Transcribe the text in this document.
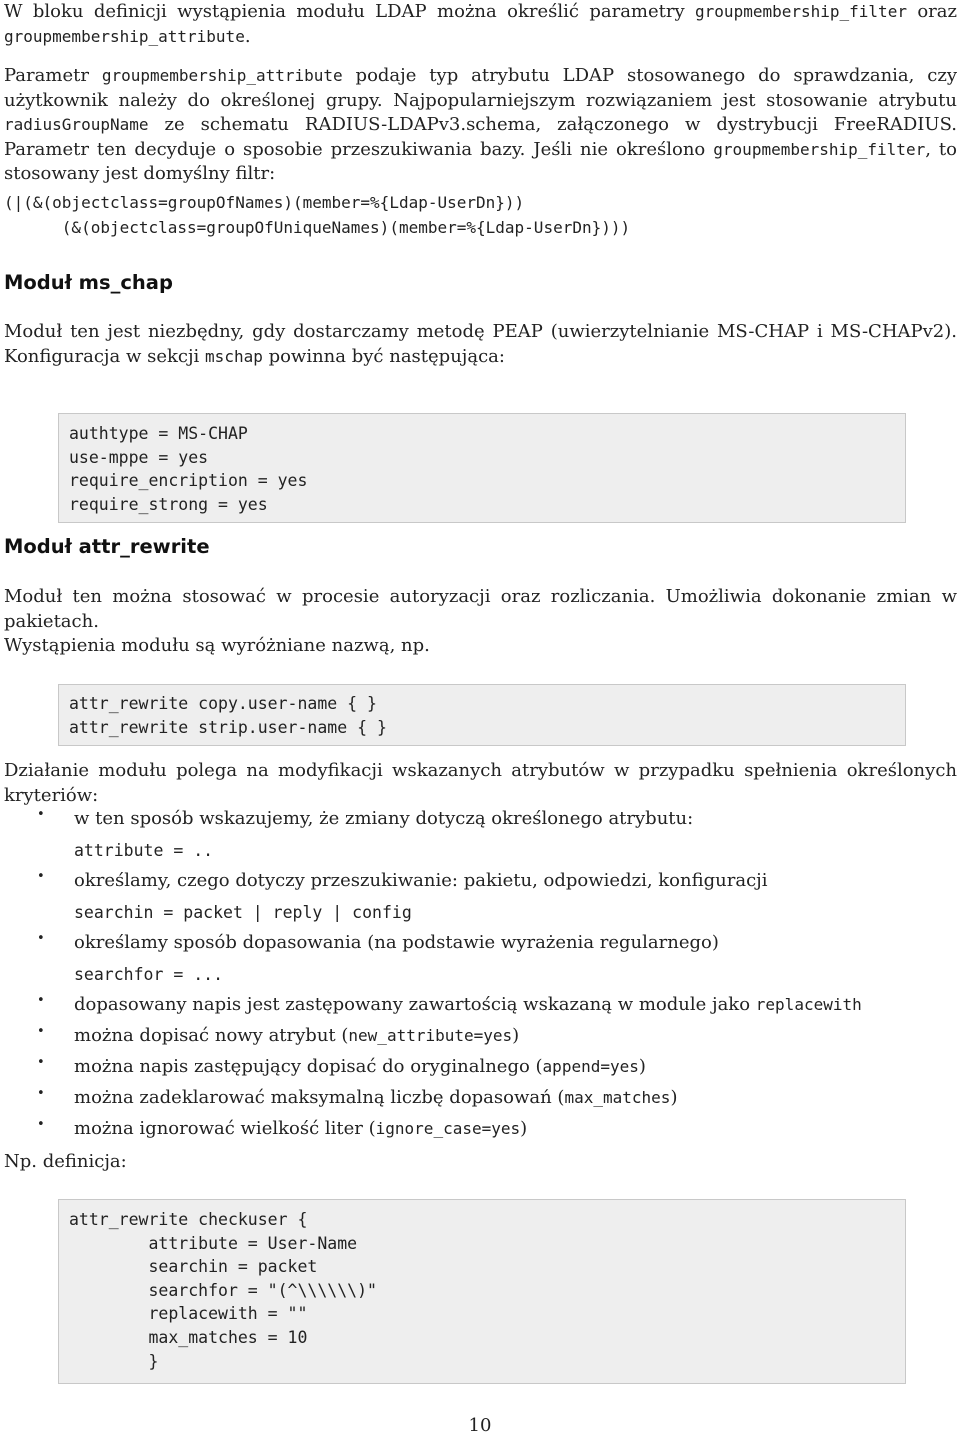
W bloku definicji wystąpienia modułu LDAP można określić parametry groupmembership_filter oraz groupmembership_attribute.

Parametr groupmembership_attribute podaje typ atrybutu LDAP stosowanego do sprawdzania, czy użytkownik należy do określonej grupy. Najpopularniejszym rozwiązaniem jest stosowanie atrybutu radiusGroupName ze schematu RADIUS-LDAPv3.schema, załączonego w dystrybucji FreeRADIUS. Parametr ten decyduje o sposobie przeszukiwania bazy. Jeśli nie określono groupmembership_filter, to stosowany jest domyślny filtr:

(|(&(objectclass=groupOfNames)(member=%{Ldap-UserDn}))
(&(objectclass=groupOfUniqueNames)(member=%{Ldap-UserDn})))
Moduł ms_chap

Moduł ten jest niezbędny, gdy dostarczamy metodę PEAP (uwierzytelnianie MS-CHAP i MS-CHAPv2). Konfiguracja w sekcji mschap powinna być następująca:

authtype = MS-CHAP
use-mppe = yes
require_encription = yes
require_strong = yes
Moduł attr_rewrite

Moduł ten można stosować w procesie autoryzacji oraz rozliczania. Umożliwia dokonanie zmian w pakietach.

Wystąpienia modułu są wyróżniane nazwą, np.

attr_rewrite copy.user-name { }
attr_rewrite strip.user-name { }

Działanie modułu polega na modyfikacji wskazanych atrybutów w przypadku spełnienia określonych kryteriów:

• w ten sposób wskazujemy, że zmiany dotyczą określonego atrybutu:
attribute = ..
• określamy, czego dotyczy przeszukiwanie: pakietu, odpowiedzi, konfiguracji
searchin = packet | reply | config
• określamy sposób dopasowania (na podstawie wyrażenia regularnego)
searchfor = ...
• dopasowany napis jest zastępowany zawartością wskazaną w module jako replacewith
• można dopisać nowy atrybut (new_attribute=yes)
• można napis zastępujący dopisać do oryginalnego (append=yes)
• można zadeklarować maksymalną liczbę dopasowań (max_matches)
• można ignorować wielkość liter (ignore_case=yes)

Np. definicja:

attr_rewrite checkuser {
attribute = User-Name
searchin = packet
searchfor = "(^\\\\\\)"
replacewith = ""
max_matches = 10
}
10
